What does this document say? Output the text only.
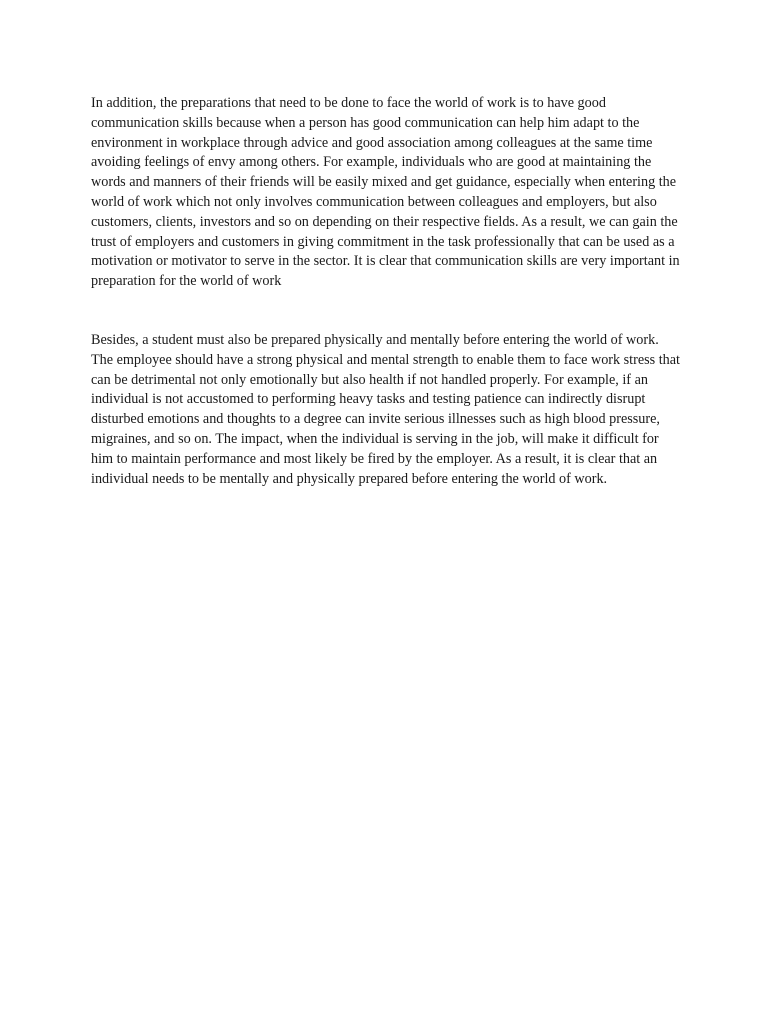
In addition, the preparations that need to be done to face the world of work is to have good communication skills because when a person has good communication can help him adapt to the environment in workplace through advice and good association among colleagues at the same time avoiding feelings of envy among others. For example, individuals who are good at maintaining the words and manners of their friends will be easily mixed and get guidance, especially when entering the world of work which not only involves communication between colleagues and employers, but also customers, clients, investors and so on depending on their respective fields. As a result, we can gain the trust of employers and customers in giving commitment in the task professionally that can be used as a motivation or motivator to serve in the sector. It is clear that communication skills are very important in preparation for the world of work

Besides, a student must also be prepared physically and mentally before entering the world of work. The employee should have a strong physical and mental strength to enable them to face work stress that can be detrimental not only emotionally but also health if not handled properly. For example, if an individual is not accustomed to performing heavy tasks and testing patience can indirectly disrupt disturbed emotions and thoughts to a degree can invite serious illnesses such as high blood pressure, migraines, and so on. The impact, when the individual is serving in the job, will make it difficult for him to maintain performance and most likely be fired by the employer. As a result, it is clear that an individual needs to be mentally and physically prepared before entering the world of work.
